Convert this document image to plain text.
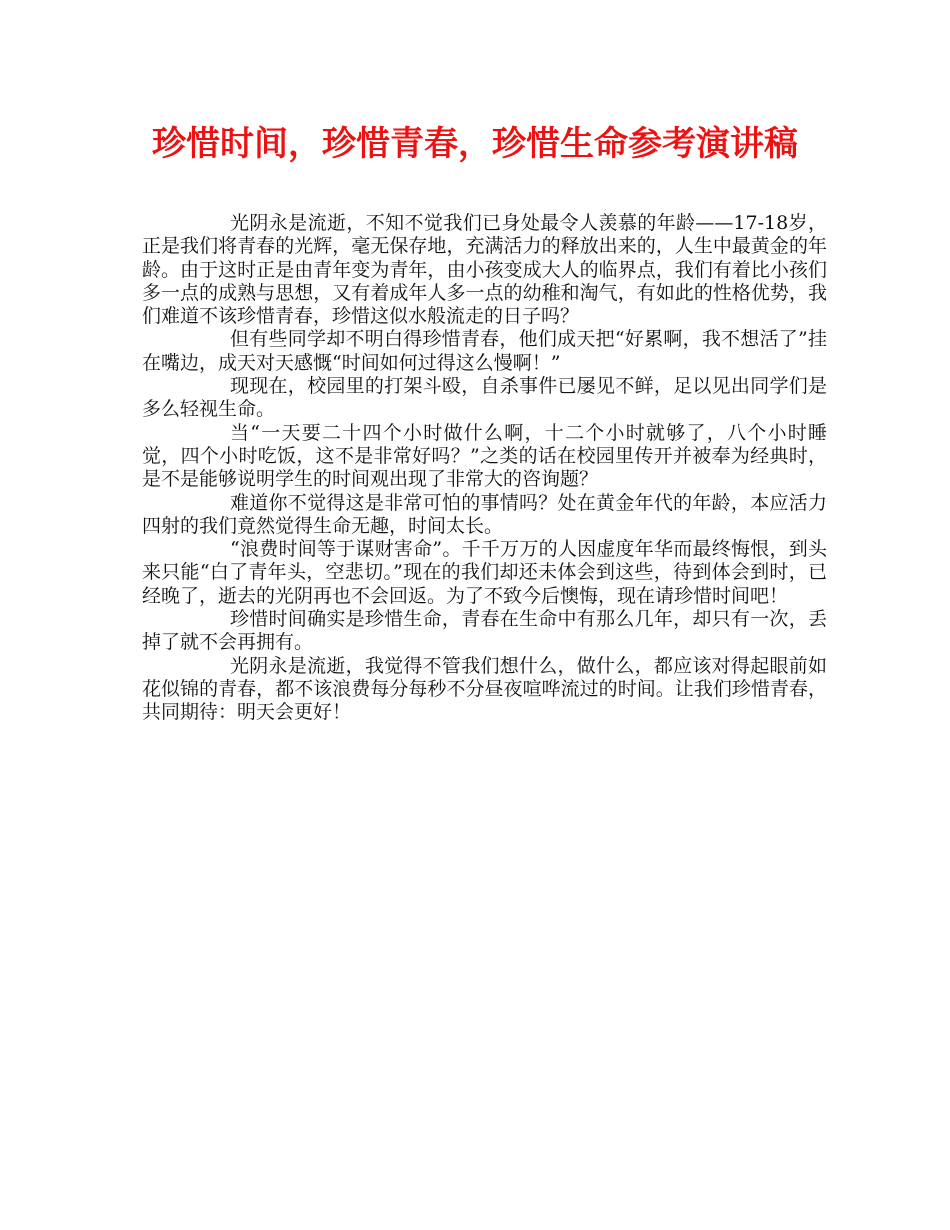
珍惜时间，珍惜青春，珍惜生命参考演讲稿

光阴永是流逝，不知不觉我们已身处最令人羡慕的年龄——17-18岁，正是我们将青春的光辉，毫无保存地，充满活力的释放出来的，人生中最黄金的年龄。由于这时正是由青年变为青年，由小孩变成大人的临界点，我们有着比小孩们多一点的成熟与思想，又有着成年人多一点的幼稚和淘气，有如此的性格优势，我们难道不该珍惜青春，珍惜这似水般流走的日子吗？

但有些同学却不明白得珍惜青春，他们成天把“好累啊，我不想活了”挂在嘴边，成天对天感慨“时间如何过得这么慢啊！”

现现在，校园里的打架斗殴，自杀事件已屡见不鲜，足以见出同学们是多么轻视生命。

当“一天要二十四个小时做什么啊，十二个小时就够了，八个小时睡觉，四个小时吃饭，这不是非常好吗？”之类的话在校园里传开并被奉为经典时，是不是能够说明学生的时间观出现了非常大的咨询题？

难道你不觉得这是非常可怕的事情吗？处在黄金年代的年龄，本应活力四射的我们竟然觉得生命无趣，时间太长。

“浪费时间等于谋财害命”。千千万万的人因虚度年华而最终悔恨，到头来只能“白了青年头，空悲切。”现在的我们却还未体会到这些，待到体会到时，已经晚了，逝去的光阴再也不会回返。为了不致今后懊悔，现在请珍惜时间吧！

珍惜时间确实是珍惜生命，青春在生命中有那么几年，却只有一次，丢掉了就不会再拥有。

光阴永是流逝，我觉得不管我们想什么，做什么，都应该对得起眼前如花似锦的青春，都不该浪费每分每秒不分昼夜喧哗流过的时间。让我们珍惜青春，共同期待：明天会更好！
